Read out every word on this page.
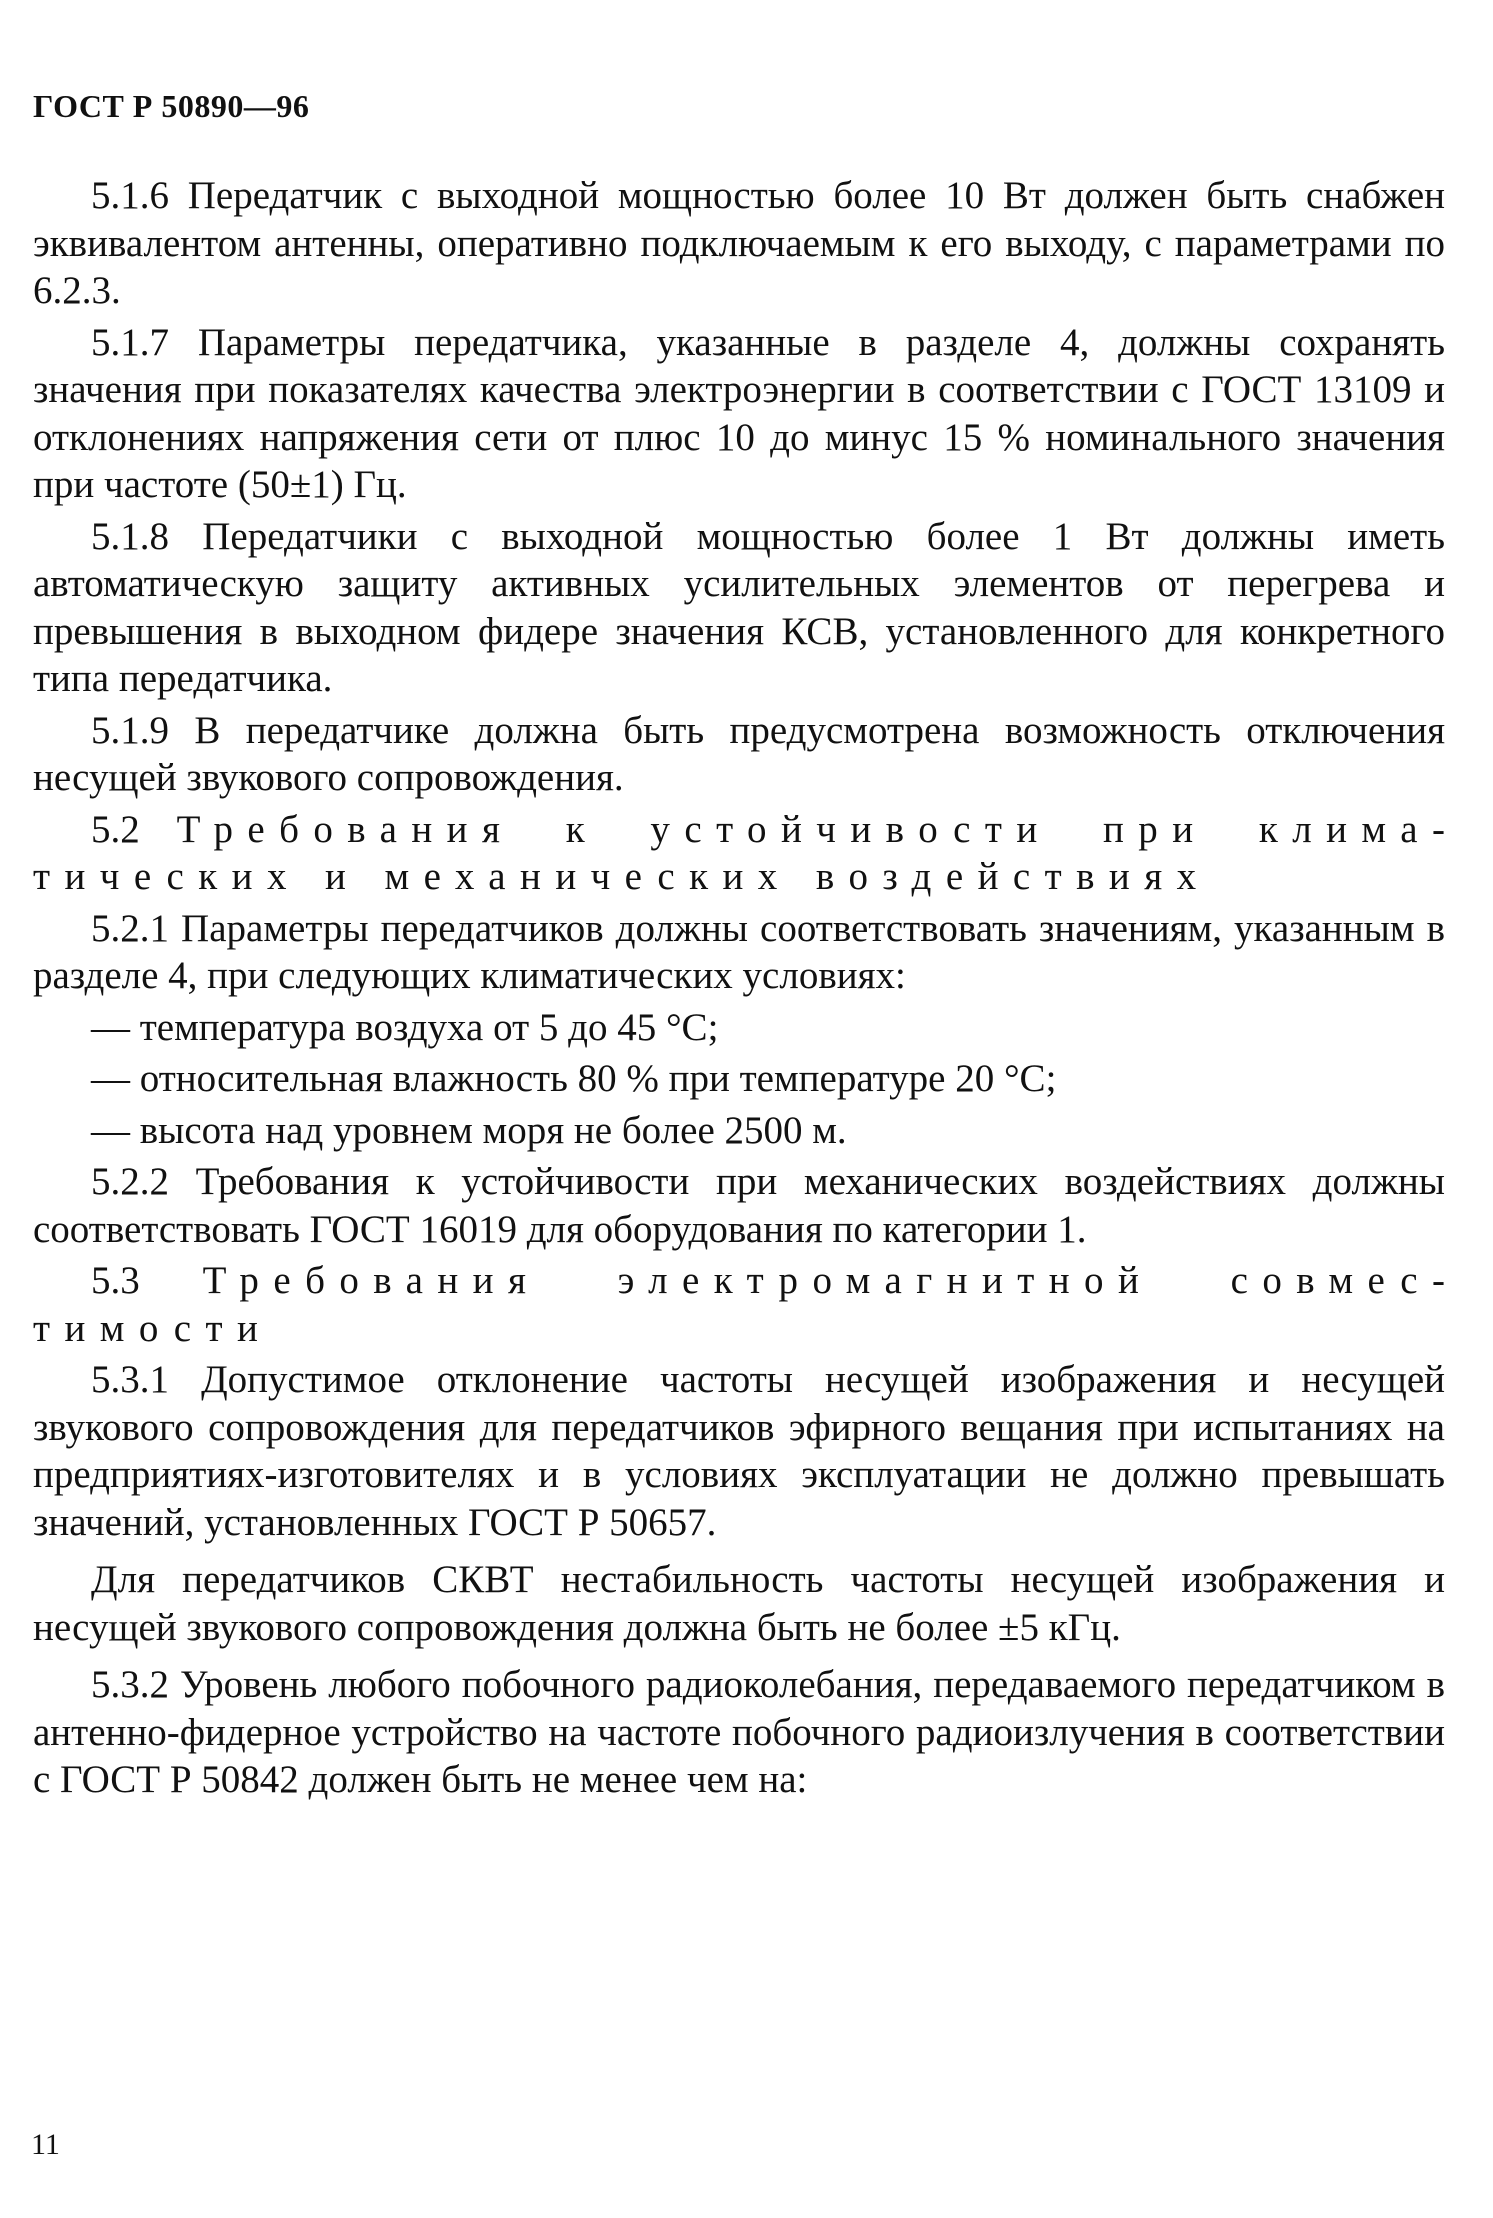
ГОСТ Р 50890—96

5.1.6 Передатчик с выходной мощностью более 10 Вт должен быть снабжен эквивалентом антенны, оперативно подключаемым к его выходу, с параметрами по 6.2.3.

5.1.7 Параметры передатчика, указанные в разделе 4, должны сохранять значения при показателях качества электроэнергии в соответствии с ГОСТ 13109 и отклонениях напряжения сети от плюс 10 до минус 15 % номинального значения при частоте (50±1) Гц.

5.1.8 Передатчики с выходной мощностью более 1 Вт должны иметь автоматическую защиту активных усилительных элементов от перегрева и превышения в выходном фидере значения КСВ, установленного для конкретного типа передатчика.

5.1.9 В передатчике должна быть предусмотрена возможность отключения несущей звукового сопровождения.

5.2 Требования к устойчивости при климатических и механических воздействиях

5.2.1 Параметры передатчиков должны соответствовать значениям, указанным в разделе 4, при следующих климатических условиях:

— температура воздуха от 5 до 45 °С;

— относительная влажность 80 % при температуре 20 °С;

— высота над уровнем моря не более 2500 м.

5.2.2 Требования к устойчивости при механических воздействиях должны соответствовать ГОСТ 16019 для оборудования по категории 1.

5.3 Требования электромагнитной совместимости

5.3.1 Допустимое отклонение частоты несущей изображения и несущей звукового сопровождения для передатчиков эфирного вещания при испытаниях на предприятиях-изготовителях и в условиях эксплуатации не должно превышать значений, установленных ГОСТ Р 50657.

Для передатчиков СКВТ нестабильность частоты несущей изображения и несущей звукового сопровождения должна быть не более ±5 кГц.

5.3.2 Уровень любого побочного радиоколебания, передаваемого передатчиком в антенно-фидерное устройство на частоте побочного радиоизлучения в соответствии с ГОСТ Р 50842 должен быть не менее чем на:

11
